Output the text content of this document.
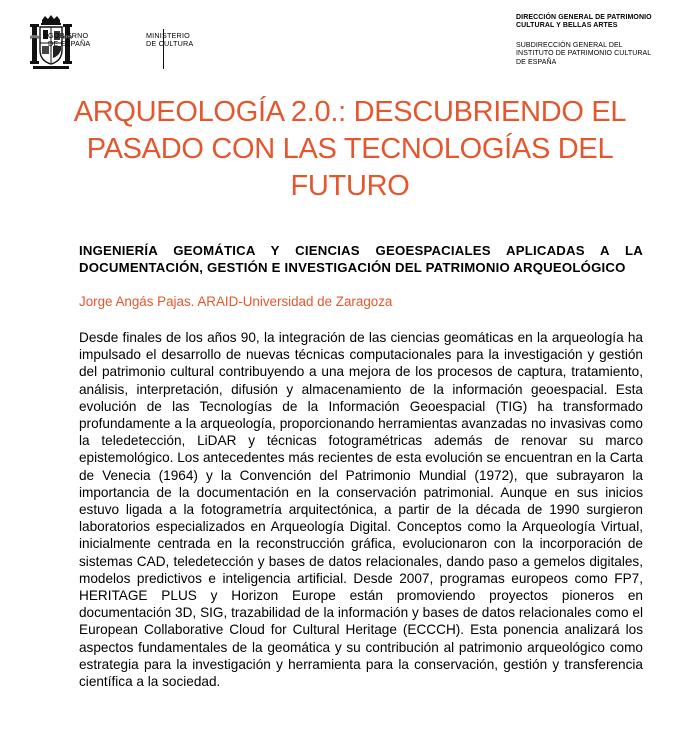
GOBIERNO
DE ESPAÑA
MINISTERIO
DE CULTURA
DIRECCIÓN GENERAL DE PATRIMONIO
CULTURAL Y BELLAS ARTES
SUBDIRECCIÓN GENERAL DEL
INSTITUTO DE PATRIMONIO CULTURAL
DE ESPAÑA
ARQUEOLOGÍA 2.0.: DESCUBRIENDO EL PASADO CON LAS TECNOLOGÍAS DEL FUTURO
INGENIERÍA GEOMÁTICA Y CIENCIAS GEOESPACIALES APLICADAS A LA DOCUMENTACIÓN, GESTIÓN E INVESTIGACIÓN DEL PATRIMONIO ARQUEOLÓGICO
Jorge Angás Pajas. ARAID-Universidad de Zaragoza

Desde finales de los años 90, la integración de las ciencias geomáticas en la arqueología ha impulsado el desarrollo de nuevas técnicas computacionales para la investigación y gestión del patrimonio cultural contribuyendo a una mejora de los procesos de captura, tratamiento, análisis, interpretación, difusión y almacenamiento de la información geoespacial. Esta evolución de las Tecnologías de la Información Geoespacial (TIG) ha transformado profundamente a la arqueología, proporcionando herramientas avanzadas no invasivas como la teledetección, LiDAR y técnicas fotogramétricas además de renovar su marco epistemológico. Los antecedentes más recientes de esta evolución se encuentran en la Carta de Venecia (1964) y la Convención del Patrimonio Mundial (1972), que subrayaron la importancia de la documentación en la conservación patrimonial. Aunque en sus inicios estuvo ligada a la fotogrametría arquitectónica, a partir de la década de 1990 surgieron laboratorios especializados en Arqueología Digital. Conceptos como la Arqueología Virtual, inicialmente centrada en la reconstrucción gráfica, evolucionaron con la incorporación de sistemas CAD, teledetección y bases de datos relacionales, dando paso a gemelos digitales, modelos predictivos e inteligencia artificial. Desde 2007, programas europeos como FP7, HERITAGE PLUS y Horizon Europe están promoviendo proyectos pioneros en documentación 3D, SIG, trazabilidad de la información y bases de datos relacionales como el European Collaborative Cloud for Cultural Heritage (ECCCH). Esta ponencia analizará los aspectos fundamentales de la geomática y su contribución al patrimonio arqueológico como estrategia para la investigación y herramienta para la conservación, gestión y transferencia científica a la sociedad.
